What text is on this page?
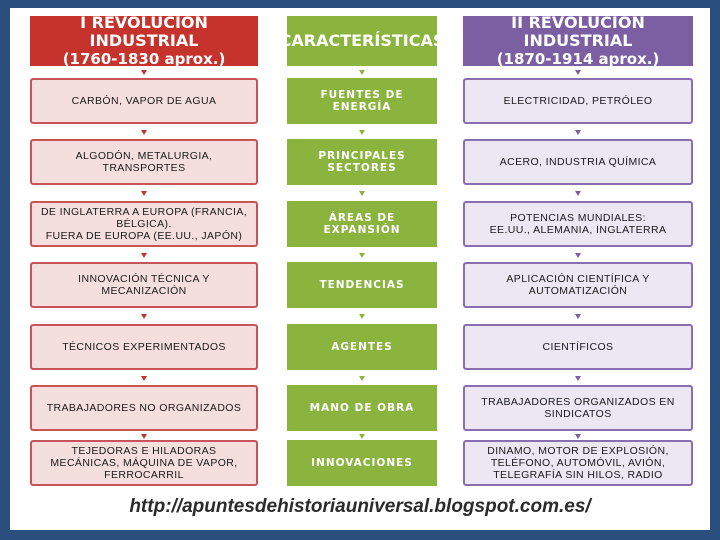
I REVOLUCIÓN INDUSTRIAL
(1760-1830 aprox.)
CARBÓN, VAPOR DE AGUA
ALGODÓN, METALURGIA,
TRANSPORTES
DE INGLATERRA A EUROPA (FRANCIA,
BÉLGICA).
FUERA DE EUROPA (EE.UU., JAPÓN)
INNOVACIÓN TÉCNICA Y
MECANIZACIÓN
TÉCNICOS EXPERIMENTADOS
TRABAJADORES NO ORGANIZADOS
TEJEDORAS E HILADORAS
MECÁNICAS, MÁQUINA DE VAPOR,
FERROCARRIL
CARACTERÍSTICAS
FUENTES DE ENERGÍA
PRINCIPALES SECTORES
ÁREAS DE EXPANSIÓN
TENDENCIAS
AGENTES
MANO DE OBRA
INNOVACIONES
II REVOLUCIÓN INDUSTRIAL
(1870-1914 aprox.)
ELECTRICIDAD, PETRÓLEO
ACERO, INDUSTRIA QUÍMICA
POTENCIAS MUNDIALES:
EE.UU., ALEMANIA, INGLATERRA
APLICACIÓN CIENTÍFICA Y
AUTOMATIZACIÓN
CIENTÍFICOS
TRABAJADORES ORGANIZADOS EN
SINDICATOS
DINAMO, MOTOR DE EXPLOSIÓN,
TELÉFONO, AUTOMÓVIL, AVIÓN,
TELEGRAFÍA SIN HILOS, RADIO
http://apuntesdehistoriauniversal.blogspot.com.es/
